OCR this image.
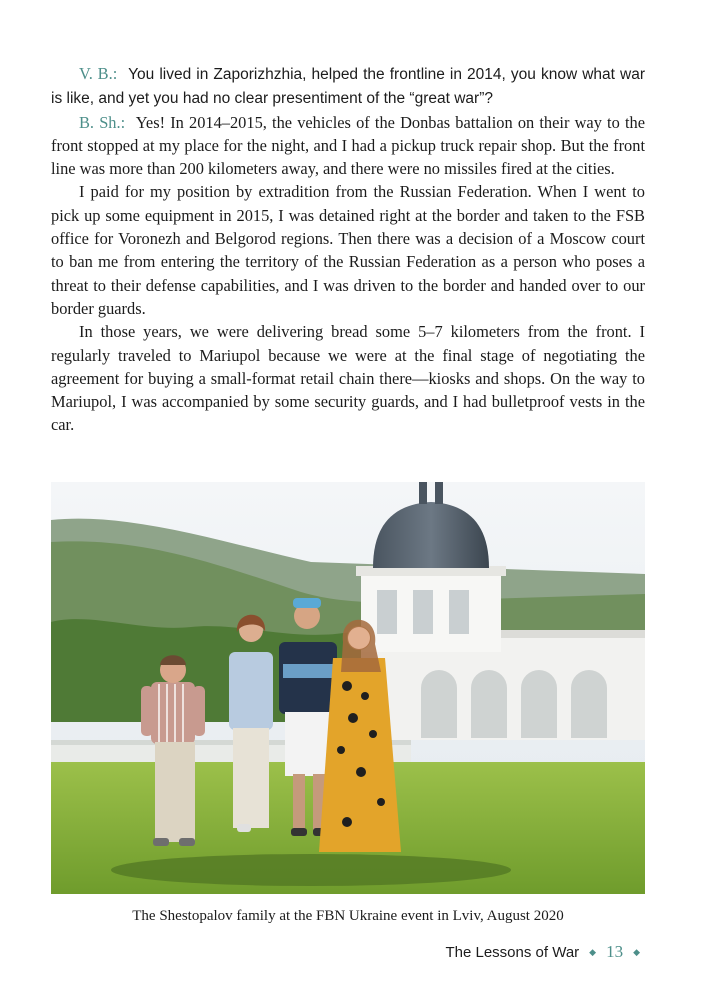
V. B.: You lived in Zaporizhzhia, helped the frontline in 2014, you know what war is like, and yet you had no clear presentiment of the “great war”?

B. Sh.: Yes! In 2014–2015, the vehicles of the Donbas battalion on their way to the front stopped at my place for the night, and I had a pickup truck repair shop. But the front line was more than 200 kilometers away, and there were no missiles fired at the cities.

I paid for my position by extradition from the Russian Federation. When I went to pick up some equipment in 2015, I was detained right at the border and taken to the FSB office for Voronezh and Belgorod regions. Then there was a decision of a Moscow court to ban me from entering the territory of the Russian Federation as a person who poses a threat to their defense capabilities, and I was driven to the border and handed over to our border guards.

In those years, we were delivering bread some 5–7 kilometers from the front. I regularly traveled to Mariupol because we were at the final stage of negotiating the agreement for buying a small-format retail chain there—kiosks and shops. On the way to Mariupol, I was accompanied by some security guards, and I had bulletproof vests in the car.

The Shestopalov family at the FBN Ukraine event in Lviv, August 2020
The Lessons of War ◆ 13 ◆
